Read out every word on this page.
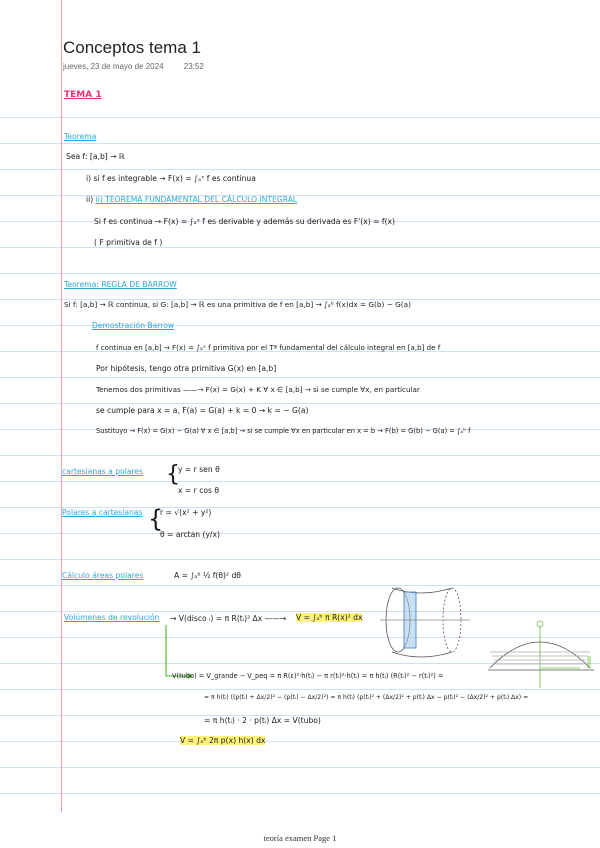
Conceptos tema 1
jueves, 23 de mayo de 2024	23:52
TEMA 1
Teorema
Sea f: [a,b] → ℝ
i) si f es integrable → F(x) = ∫ₐˣ f es continua
ii) ii) TEOREMA FUNDAMENTAL DEL CÁLCULO INTEGRAL
Si f es continua → F(x) = ∫ₐˣ f es derivable y además su derivada es F'(x) = f(x)
( F primitiva de f )
Teorema: REGLA DE BARROW
Si f: [a,b] → ℝ continua, si G: [a,b] → ℝ es una primitiva de f en [a,b] → ∫ₐᵇ f(x)dx = G(b) − G(a)
Demostración Barrow
f continua en [a,b] → F(x) = ∫ₐˣ f primitiva por el Tª fundamental del cálculo integral en [a,b] de f
Por hipótesis, tengo otra primitiva G(x) en [a,b]
Tenemos dos primitivas ——→ F(x) = G(x) + K ∀ x ∈ [a,b] → si se cumple ∀x, en particular
se cumple para x = a, F(a) = G(a) + k = 0 → k = − G(a)
Sustituyo → F(x) = G(x) − G(a) ∀ x ∈ [a,b] → si se cumple ∀x en particular en x = b → F(b) = G(b) − G(a) = ∫ₐᵇ f
cartesianas a polares {
y = r sen θ
x = r cos θ
Polares a cartesianas {
r = √(x² + y²)
θ = arctan (y/x)
Cálculo áreas polares	A = ∫ₐᵇ ½ f(θ)² dθ
Volúmenes de revolución → V(disco ᵢ) = π R(tᵢ)² Δx ——→ V = ∫ₐᵇ π R(x)² dx
V(tubo) = V_grande − V_peq = π R(ε)²·h(tᵢ) − π r(tᵢ)²·h(tᵢ) = π h(tᵢ) (R(tᵢ)² − r(tᵢ)²) =
= π h(tᵢ) ((p(tᵢ) + Δx/2)² − (p(tᵢ) − Δx/2)²) = π h(tᵢ) (p(tᵢ)² + (Δx/2)² + p(tᵢ) Δx − p(tᵢ)² − (Δx/2)² + p(tᵢ) Δx) =
= π h(tᵢ) · 2 · p(tᵢ) Δx = V(tubo)
V = ∫ₐᵇ 2π p(x) h(x) dx
teoría examen Page 1
